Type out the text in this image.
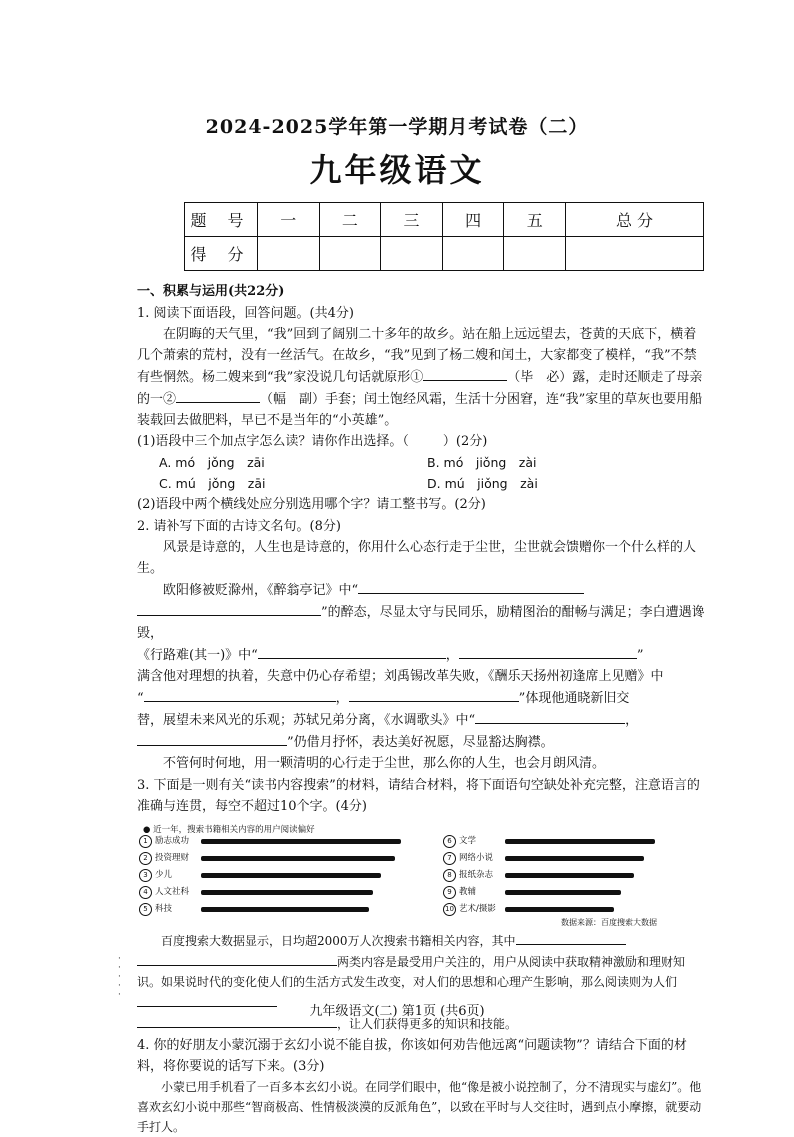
2024-2025学年第一学期月考试卷（二）
九年级语文
题 号	一	二	三	四	五	总 分
得 分						

一、积累与运用(共22分)

1. 阅读下面语段，回答问题。(共4分)

在阴晦的天气里，“我”回到了阔别二十多年的故乡。站在船上远远望去，苍黄的天底下，横着几个萧索的荒村，没有一丝活气。在故乡，“我”见到了杨二嫂和闰土，大家都变了模样，“我”不禁有些惘然。杨二嫂来到“我”家没说几句话就原形①	（毕　必）露，走时还顺走了母亲的一②	（幅　副）手套；闰土饱经风霜，生活十分困窘，连“我”家里的草灰也要用船装载回去做肥料，早已不是当年的“小英雄”。

(1)语段中三个加点字怎么读？请你作出选择。（	）(2分)

A. mó　jǒng　zāi	B. mó　jiǒng　zài
C. mú　jǒng　zāi	D. mú　jiǒng　zài

(2)语段中两个横线处应分别选用哪个字？请工整书写。(2分)

2. 请补写下面的古诗文名句。(8分)

风景是诗意的，人生也是诗意的，你用什么心态行走于尘世，尘世就会馈赠你一个什么样的人生。

欧阳修被贬滁州，《醉翁亭记》中“

”的醉态，尽显太守与民同乐，励精图治的酣畅与满足；李白遭遇谗毁，

《行路难(其一)》中“	，	”

满含他对理想的执着，失意中仍心存希望；刘禹锡改革失败，《酬乐天扬州初逢席上见赠》中

“	，	”体现他通晓新旧交

替，展望未来风光的乐观；苏轼兄弟分离，《水调歌头》中“	，

”仍借月抒怀，表达美好祝愿，尽显豁达胸襟。

不管何时何地，用一颗清明的心行走于尘世，那么你的人生，也会月朗风清。

3. 下面是一则有关“读书内容搜索”的材料，请结合材料，将下面语句空缺处补充完整，注意语言的准确与连贯，每空不超过10个字。(4分)

● 近一年，搜索书籍相关内容的用户阅读偏好
数据来源：百度搜索大数据
1 励志成功
2 投资理财
3 少儿
4 人文社科
5 科技
6 文学
7 网络小说
8 报纸杂志
9 教辅
10 艺术/摄影

百度搜索大数据显示，日均超2000万人次搜索书籍相关内容，其中

两类内容是最受用户关注的，用户从阅读中获取精神激励和理财知识。如果说时代的变化使人们的生活方式发生改变，对人们的思想和心理产生影响，那么阅读则为人们

，让人们获得更多的知识和技能。

4. 你的好朋友小蒙沉溺于玄幻小说不能自拔，你该如何劝告他远离“问题读物”？请结合下面的材料，将你要说的话写下来。(3分)

小蒙已用手机看了一百多本玄幻小说。在同学们眼中，他“像是被小说控制了，分不清现实与虚幻”。他喜欢玄幻小说中那些“智商极高、性情极淡漠的反派角色”，以致在平时与人交往时，遇到点小摩擦，就要动手打人。

·
·
·
·
·
九年级语文(二) 第1页 (共6页)
